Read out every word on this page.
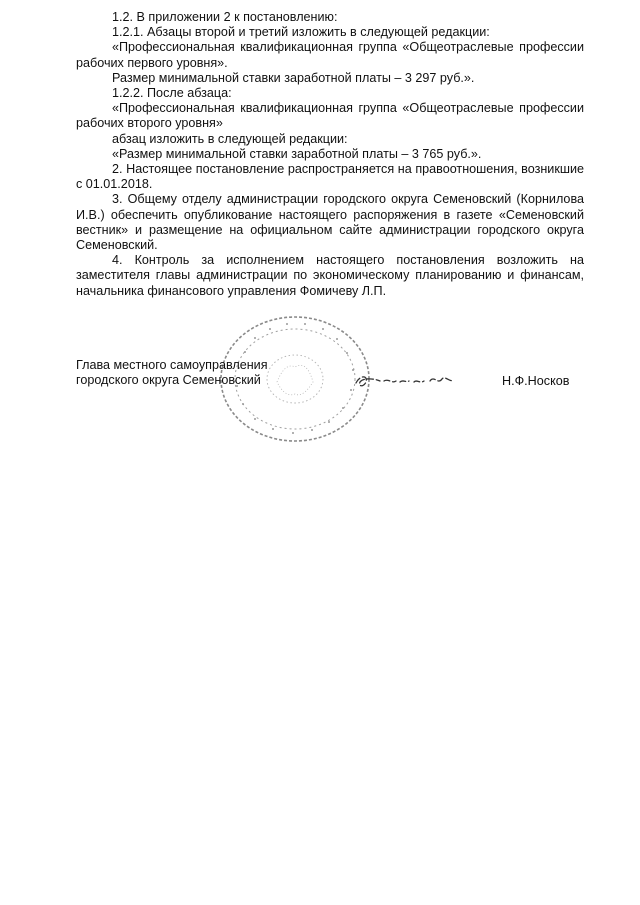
1.2. В приложении 2 к постановлению:

1.2.1. Абзацы второй и третий изложить в следующей редакции:

«Профессиональная квалификационная группа «Общеотраслевые профессии рабочих первого уровня».

Размер минимальной ставки заработной платы – 3 297 руб.».

1.2.2. После абзаца:

«Профессиональная квалификационная группа «Общеотраслевые профессии рабочих второго уровня»

абзац изложить в следующей редакции:

«Размер минимальной ставки заработной платы – 3 765 руб.».

2. Настоящее постановление распространяется на правоотношения, возникшие с 01.01.2018.

3. Общему отделу администрации городского округа Семеновский (Корнилова И.В.) обеспечить опубликование настоящего распоряжения в газете «Семеновский вестник» и размещение на официальном сайте администрации городского округа Семеновский.

4. Контроль за исполнением настоящего постановления возложить на заместителя главы администрации по экономическому планированию и финансам, начальника финансового управления Фомичеву Л.П.

Глава местного самоуправления
городского округа Семеновский	Н.Ф.Носков
